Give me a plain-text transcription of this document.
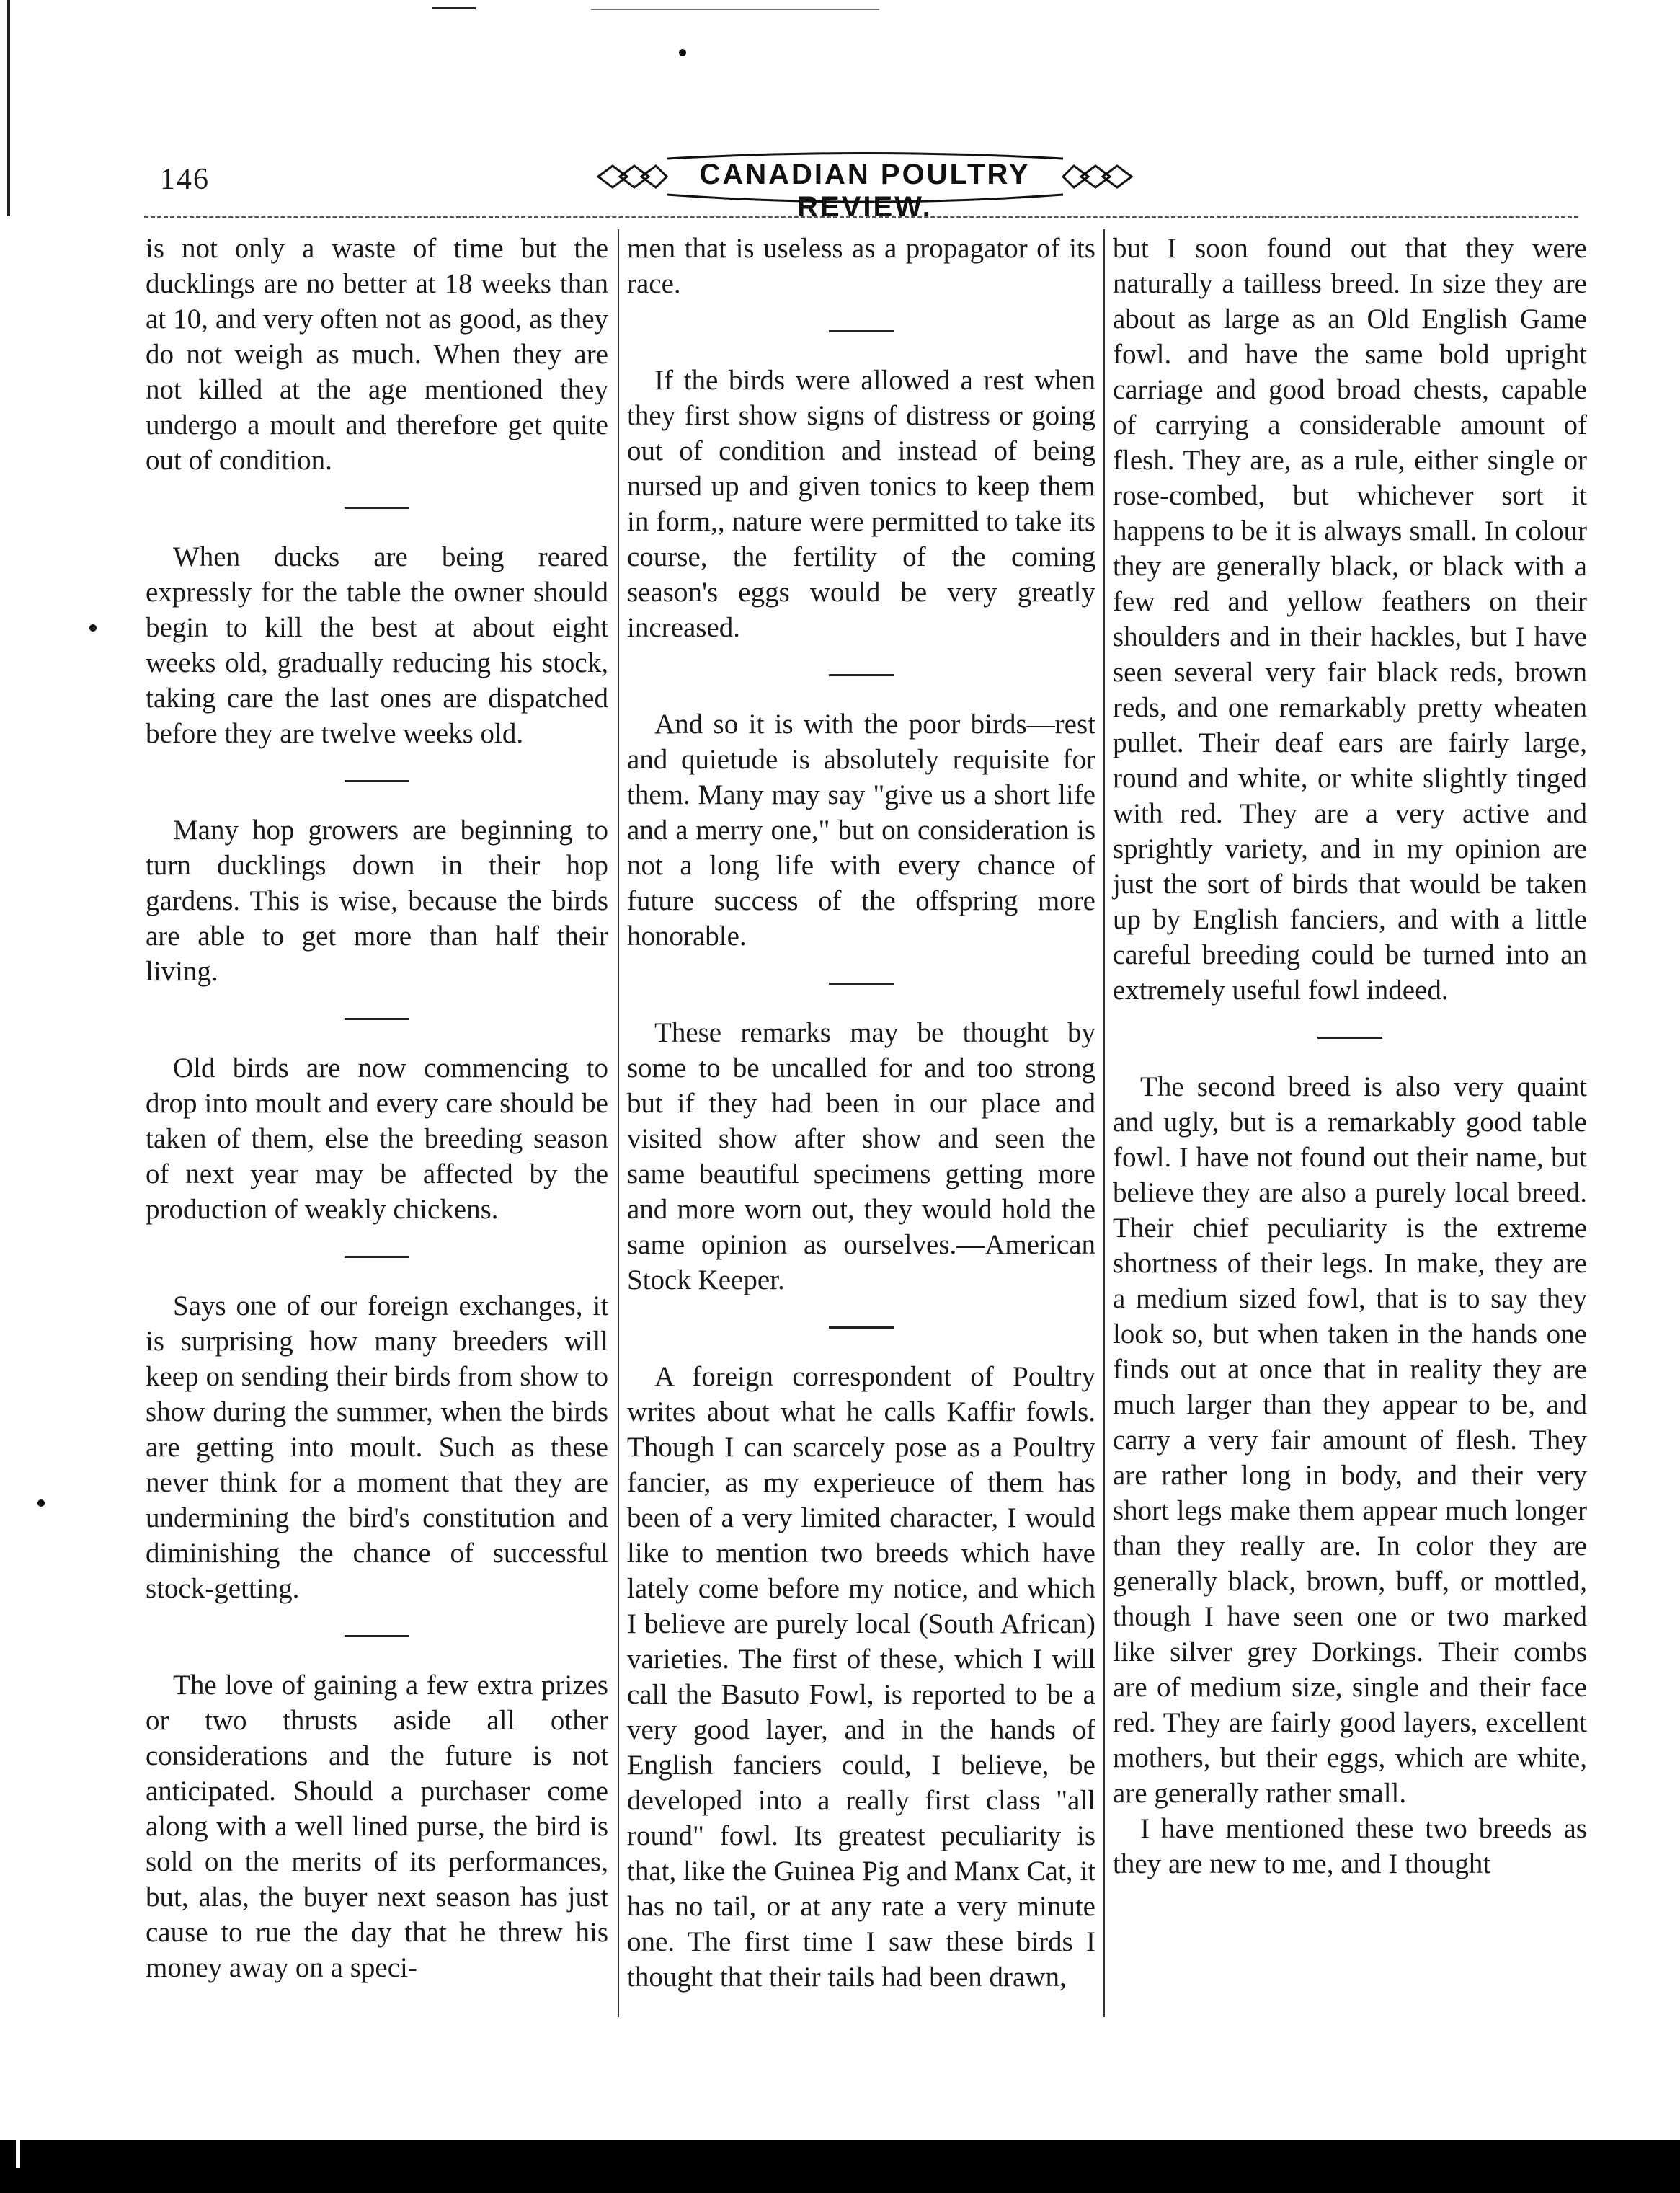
146	CANADIAN POULTRY REVIEW.

is not only a waste of time but the ducklings are no better at 18 weeks than at 10, and very often not as good, as they do not weigh as much. When they are not killed at the age mentioned they undergo a moult and therefore get quite out of condition.

When ducks are being reared expressly for the table the owner should begin to kill the best at about eight weeks old, gradually reducing his stock, taking care the last ones are dispatched before they are twelve weeks old.

Many hop growers are beginning to turn ducklings down in their hop gardens. This is wise, because the birds are able to get more than half their living.

Old birds are now commencing to drop into moult and every care should be taken of them, else the breeding season of next year may be affected by the production of weakly chickens.

Says one of our foreign exchanges, it is surprising how many breeders will keep on sending their birds from show to show during the summer, when the birds are getting into moult. Such as these never think for a moment that they are undermining the bird's constitution and diminishing the chance of successful stock-getting.

The love of gaining a few extra prizes or two thrusts aside all other considerations and the future is not anticipated. Should a purchaser come along with a well lined purse, the bird is sold on the merits of its performances, but, alas, the buyer next season has just cause to rue the day that he threw his money away on a speci-

men that is useless as a propagator of its race.

If the birds were allowed a rest when they first show signs of distress or going out of condition and instead of being nursed up and given tonics to keep them in form,, nature were permitted to take its course, the fertility of the coming season's eggs would be very greatly increased.

And so it is with the poor birds—rest and quietude is absolutely requisite for them. Many may say "give us a short life and a merry one," but on consideration is not a long life with every chance of future success of the offspring more honorable.

These remarks may be thought by some to be uncalled for and too strong but if they had been in our place and visited show after show and seen the same beautiful specimens getting more and more worn out, they would hold the same opinion as ourselves.—American Stock Keeper.

A foreign correspondent of Poultry writes about what he calls Kaffir fowls. Though I can scarcely pose as a Poultry fancier, as my experieuce of them has been of a very limited character, I would like to mention two breeds which have lately come before my notice, and which I believe are purely local (South African) varieties. The first of these, which I will call the Basuto Fowl, is reported to be a very good layer, and in the hands of English fanciers could, I believe, be developed into a really first class "all round" fowl. Its greatest peculiarity is that, like the Guinea Pig and Manx Cat, it has no tail, or at any rate a very minute one. The first time I saw these birds I thought that their tails had been drawn,

but I soon found out that they were naturally a tailless breed. In size they are about as large as an Old English Game fowl. and have the same bold upright carriage and good broad chests, capable of carrying a considerable amount of flesh. They are, as a rule, either single or rose-combed, but whichever sort it happens to be it is always small. In colour they are generally black, or black with a few red and yellow feathers on their shoulders and in their hackles, but I have seen several very fair black reds, brown reds, and one remarkably pretty wheaten pullet. Their deaf ears are fairly large, round and white, or white slightly tinged with red. They are a very active and sprightly variety, and in my opinion are just the sort of birds that would be taken up by English fanciers, and with a little careful breeding could be turned into an extremely useful fowl indeed.

The second breed is also very quaint and ugly, but is a remarkably good table fowl. I have not found out their name, but believe they are also a purely local breed. Their chief peculiarity is the extreme shortness of their legs. In make, they are a medium sized fowl, that is to say they look so, but when taken in the hands one finds out at once that in reality they are much larger than they appear to be, and carry a very fair amount of flesh. They are rather long in body, and their very short legs make them appear much longer than they really are. In color they are generally black, brown, buff, or mottled, though I have seen one or two marked like silver grey Dorkings. Their combs are of medium size, single and their face red. They are fairly good layers, excellent mothers, but their eggs, which are white, are generally rather small.

I have mentioned these two breeds as they are new to me, and I thought
